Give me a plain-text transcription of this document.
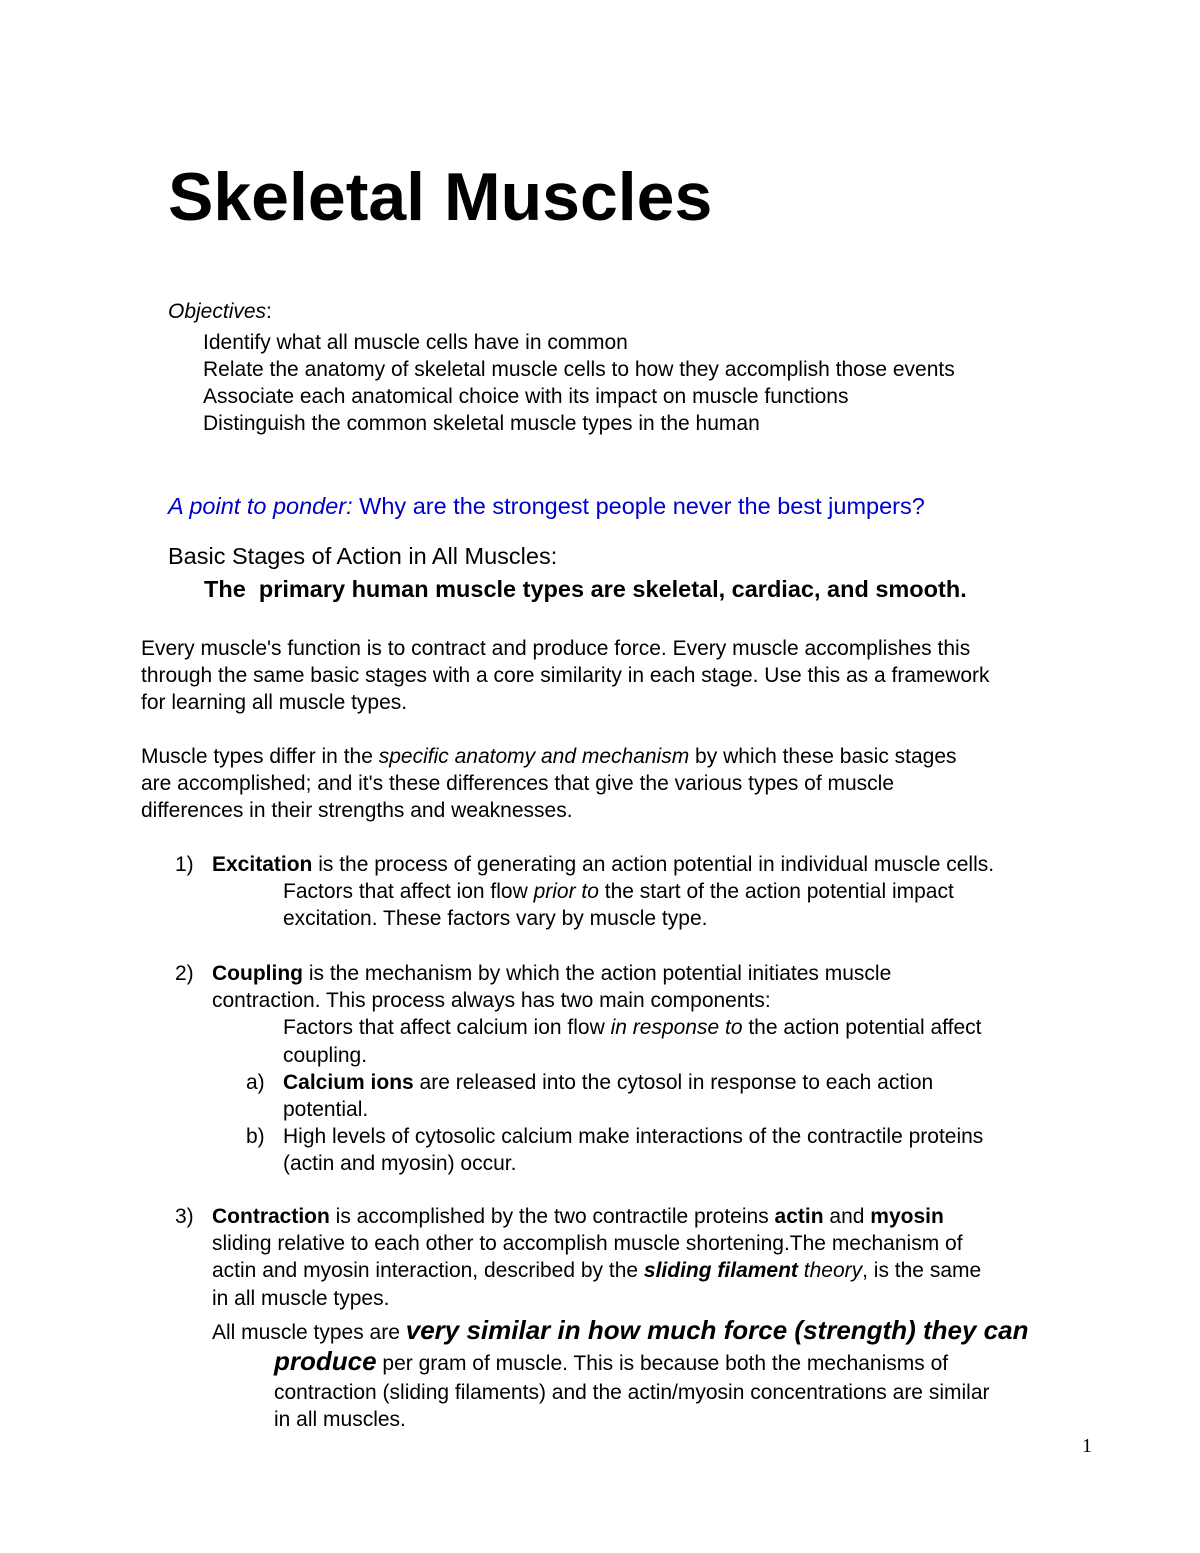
Skeletal Muscles

Objectives:

Identify what all muscle cells have in common
Relate the anatomy of skeletal muscle cells to how they accomplish those events
Associate each anatomical choice with its impact on muscle functions
Distinguish the common skeletal muscle types in the human

A point to ponder: Why are the strongest people never the best jumpers?

Basic Stages of Action in All Muscles:

The  primary human muscle types are skeletal, cardiac, and smooth.

Every muscle's function is to contract and produce force. Every muscle accomplishes this
through the same basic stages with a core similarity in each stage. Use this as a framework
for learning all muscle types.

Muscle types differ in the specific anatomy and mechanism by which these basic stages
are accomplished; and it's these differences that give the various types of muscle
differences in their strengths and weaknesses.

1) Excitation is the process of generating an action potential in individual muscle cells.
Factors that affect ion flow prior to the start of the action potential impact
excitation. These factors vary by muscle type.
2) Coupling is the mechanism by which the action potential initiates muscle
contraction. This process always has two main components:
Factors that affect calcium ion flow in response to the action potential affect
coupling.
a) Calcium ions are released into the cytosol in response to each action
potential.
b) High levels of cytosolic calcium make interactions of the contractile proteins
(actin and myosin) occur.
3) Contraction is accomplished by the two contractile proteins actin and myosin
sliding relative to each other to accomplish muscle shortening.The mechanism of
actin and myosin interaction, described by the sliding filament theory, is the same
in all muscle types.
All muscle types are very similar in how much force (strength) they can
produce per gram of muscle. This is because both the mechanisms of
contraction (sliding filaments) and the actin/myosin concentrations are similar
in all muscles.
1
